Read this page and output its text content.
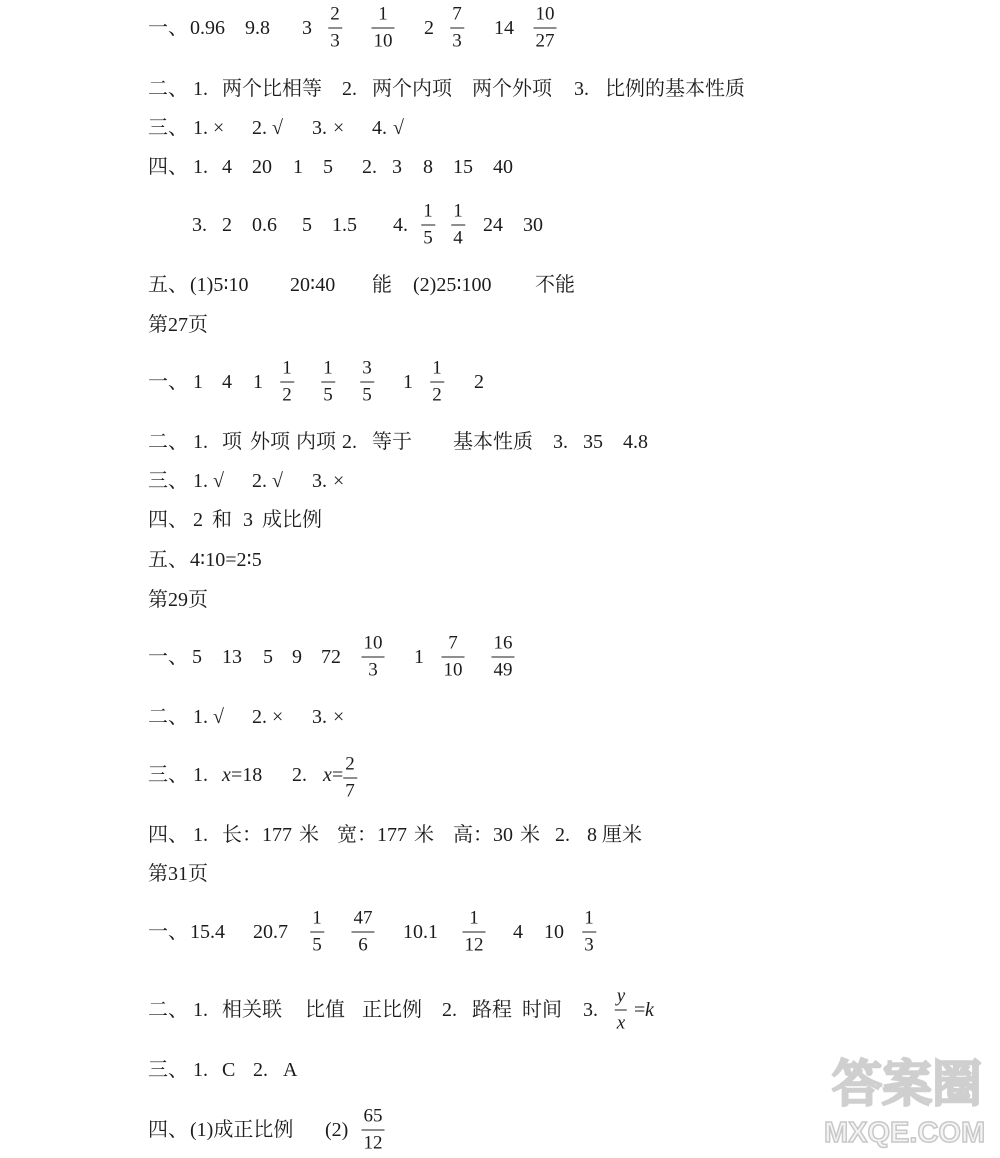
一、 0.96 9.8 $3 \frac{2}{3} \frac{1}{10} 2 \frac{7}{3} 14 \frac{10}{27}$
二、 1. 两个比相等 2. 两个内项 两个外项 3. 比例的基本性质
三、 1. × 2. √ 3. × 4. √
四、 1. 4 20 1 5 2. 3 8 15 40
3. 2 0.6 5 1.5 4. $\frac{1}{5} \frac{1}{4} 24$ 30
五、 (1)5∶10 20∶40 能 (2)25∶100 不能
第27页
一、 1 4 $1 \frac{1}{2} \frac{1}{5} \frac{3}{5} 1 \frac{1}{2} 2$
二、 1. 项 外项 内项 2. 等于 基本性质 3. 35 4.8
三、 1. √ 2. √ 3. ×
四、 2 和 3 成比例
五、 4∶10=2∶5
第29页
一、 5 13 5 9 $72 \frac{10}{3} 1 \frac{7}{10} \frac{16}{49}$
二、 1. √ 2. × 3. ×
三、 1. x =18 2. $x = \frac{2}{7}$
四、 1. 长：177 米 宽：177 米 高：30 米 2. 8 厘米
第31页
一、 15.4 $20.7 \frac{1}{5} \frac{47}{6} 10.1 \frac{1}{12} 4$ $10 \frac{1}{3}$
二、 1. 相关联 比值 正比例 2. 路程 时间 3. $\frac{y}{x} = k$
三、 1. C 2. A
四、 (1)成正比例 $(2) \frac{65}{12}$
答案圈
MXQE.COM
